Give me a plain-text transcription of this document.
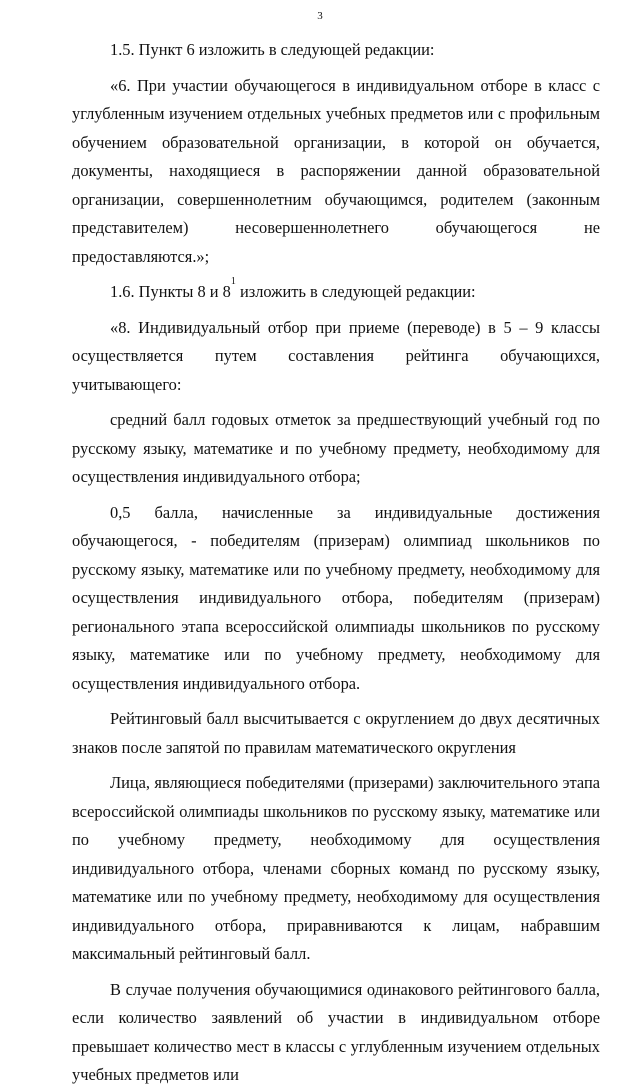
3

1.5. Пункт 6 изложить в следующей редакции:

«6. При участии обучающегося в индивидуальном отборе в класс с углубленным изучением отдельных учебных предметов или с профильным обучением образовательной организации, в которой он обучается, документы, находящиеся в распоряжении данной образовательной организации, совершеннолетним обучающимся, родителем (законным представителем) несовершеннолетнего обучающегося не предоставляются.»;

1.6. Пункты 8 и 8$^1$ изложить в следующей редакции:

«8. Индивидуальный отбор при приеме (переводе) в 5 – 9 классы осуществляется путем составления рейтинга обучающихся, учитывающего:

средний балл годовых отметок за предшествующий учебный год по русскому языку, математике и по учебному предмету, необходимому для осуществления индивидуального отбора;

0,5 балла, начисленные за индивидуальные достижения обучающегося, - победителям (призерам) олимпиад школьников по русскому языку, математике или по учебному предмету, необходимому для осуществления индивидуального отбора, победителям (призерам) регионального этапа всероссийской олимпиады школьников по русскому языку, математике или по учебному предмету, необходимому для осуществления индивидуального отбора.

Рейтинговый балл высчитывается с округлением до двух десятичных знаков после запятой по правилам математического округления

Лица, являющиеся победителями (призерами) заключительного этапа всероссийской олимпиады школьников по русскому языку, математике или по учебному предмету, необходимому для осуществления индивидуального отбора, членами сборных команд по русскому языку, математике или по учебному предмету, необходимому для осуществления индивидуального отбора, приравниваются к лицам, набравшим максимальный рейтинговый балл.

В случае получения обучающимися одинакового рейтингового балла, если количество заявлений об участии в индивидуальном отборе превышает количество мест в классы с углубленным изучением отдельных учебных предметов или
